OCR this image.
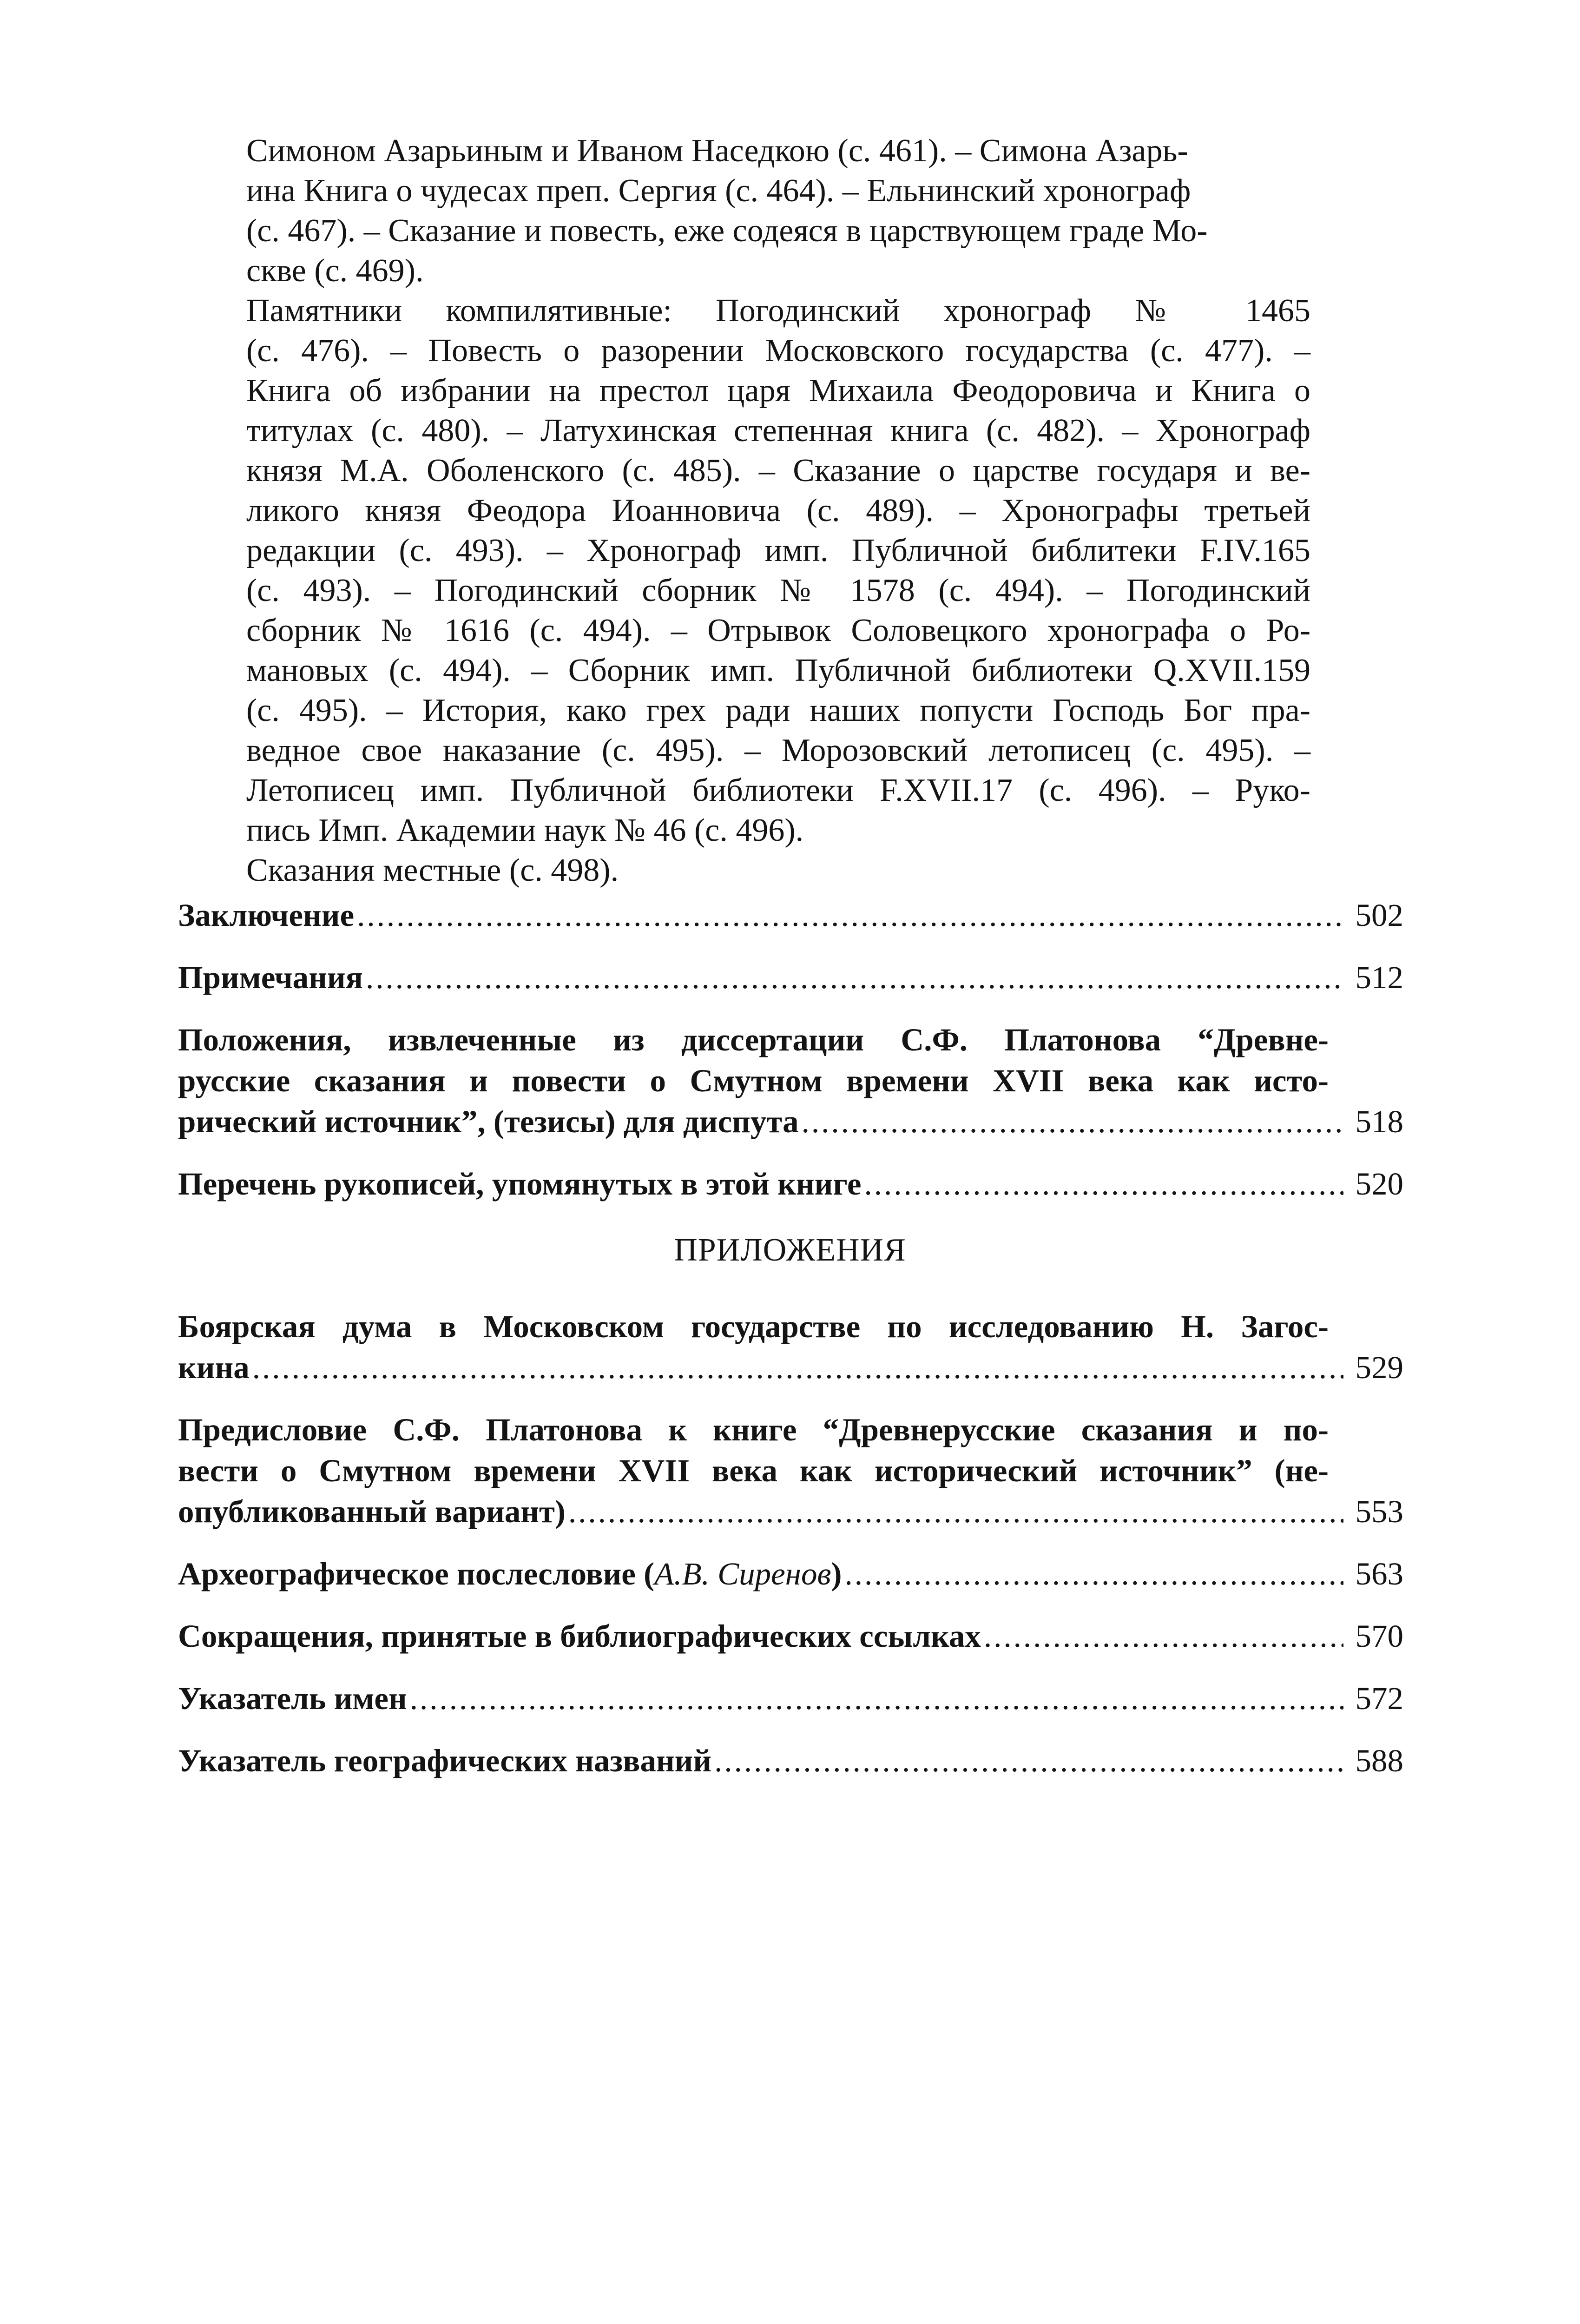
Симоном Азарьиным и Иваном Наседкою (с. 461). – Симона Азарь-
ина Книга о чудесах преп. Сергия (с. 464). – Ельнинский хронограф
(с. 467). – Сказание и повесть, еже содеяся в царствующем граде Мо-
скве (с. 469).

Памятники компилятивные: Погодинский хронограф № 1465
(с. 476). – Повесть о разорении Московского государства (с. 477). –
Книга об избрании на престол царя Михаила Феодоровича и Книга о
титулах (с. 480). – Латухинская степенная книга (с. 482). – Хронограф
князя М.А. Оболенского (с. 485). – Сказание о царстве государя и ве-
ликого князя Феодора Иоанновича (с. 489). – Хронографы третьей
редакции (с. 493). – Хронограф имп. Публичной библитеки F.IV.165
(с. 493). – Погодинский сборник № 1578 (с. 494). – Погодинский
сборник № 1616 (с. 494). – Отрывок Соловецкого хронографа о Ро-
мановых (с. 494). – Сборник имп. Публичной библиотеки Q.XVII.159
(с. 495). – История, како грех ради наших попусти Господь Бог пра-
ведное свое наказание (с. 495). – Морозовский летописец (с. 495). –
Летописец имп. Публичной библиотеки F.XVII.17 (с. 496). – Руко-
пись Имп. Академии наук № 46 (с. 496).

Сказания местные (с. 498).

Заключение .....	502
Примечания .....	512
Положения, извлеченные из диссертации С.Ф. Платонова “Древне-
русские сказания и повести о Смутном времени XVII века как исто-
рический источник”, (тезисы) для диспута .....	518
Перечень рукописей, упомянутых в этой книге .....	520
ПРИЛОЖЕНИЯ
Боярская дума в Московском государстве по исследованию Н. Загос-
кина .....	529
Предисловие С.Ф. Платонова к книге “Древнерусские сказания и по-
вести о Смутном времени XVII века как исторический источник” (не-
опубликованный вариант) .....	553
Археографическое послесловие (А.В. Сиренов) .....	563
Сокращения, принятые в библиографических ссылках .....	570
Указатель имен .....	572
Указатель географических названий .....	588
